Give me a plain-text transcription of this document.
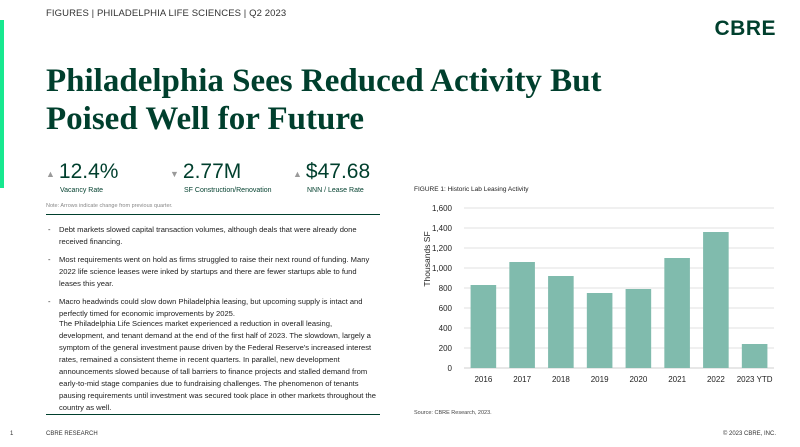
FIGURES | PHILADELPHIA LIFE SCIENCES | Q2 2023
CBRE
Philadelphia Sees Reduced Activity But
Poised Well for Future
▲ 12.4%
Vacancy Rate
▼ 2.77M
SF Construction/Renovation
▲ $47.68
NNN / Lease Rate
Note: Arrows indicate change from previous quarter.
- Debt markets slowed capital transaction volumes, although deals that were already done received financing.
- Most requirements went on hold as firms struggled to raise their next round of funding. Many 2022 life science leases were inked by startups and there are fewer startups able to fund leases this year.
- Macro headwinds could slow down Philadelphia leasing, but upcoming supply is intact and perfectly timed for economic improvements by 2025.

The Philadelphia Life Sciences market experienced a reduction in overall leasing, development, and tenant demand at the end of the first half of 2023. The slowdown, largely a symptom of the general investment pause driven by the Federal Reserve's increased interest rates, remained a consistent theme in recent quarters. In parallel, new development announcements slowed because of tall barriers to finance projects and stalled demand from early-to-mid stage companies due to fundraising challenges. The phenomenon of tenants pausing requirements until investment was secured took place in other markets throughout the country as well.

FIGURE 1: Historic Lab Leasing Activity
Thousands SF
0
200
400
600
800
1,000
1,200
1,400
1,600
2016	2017	2018	2019	2020	2021	2022 2023 YTD
Source: CBRE Research, 2023.
1	CBRE RESEARCH	© 2023 CBRE, INC.
